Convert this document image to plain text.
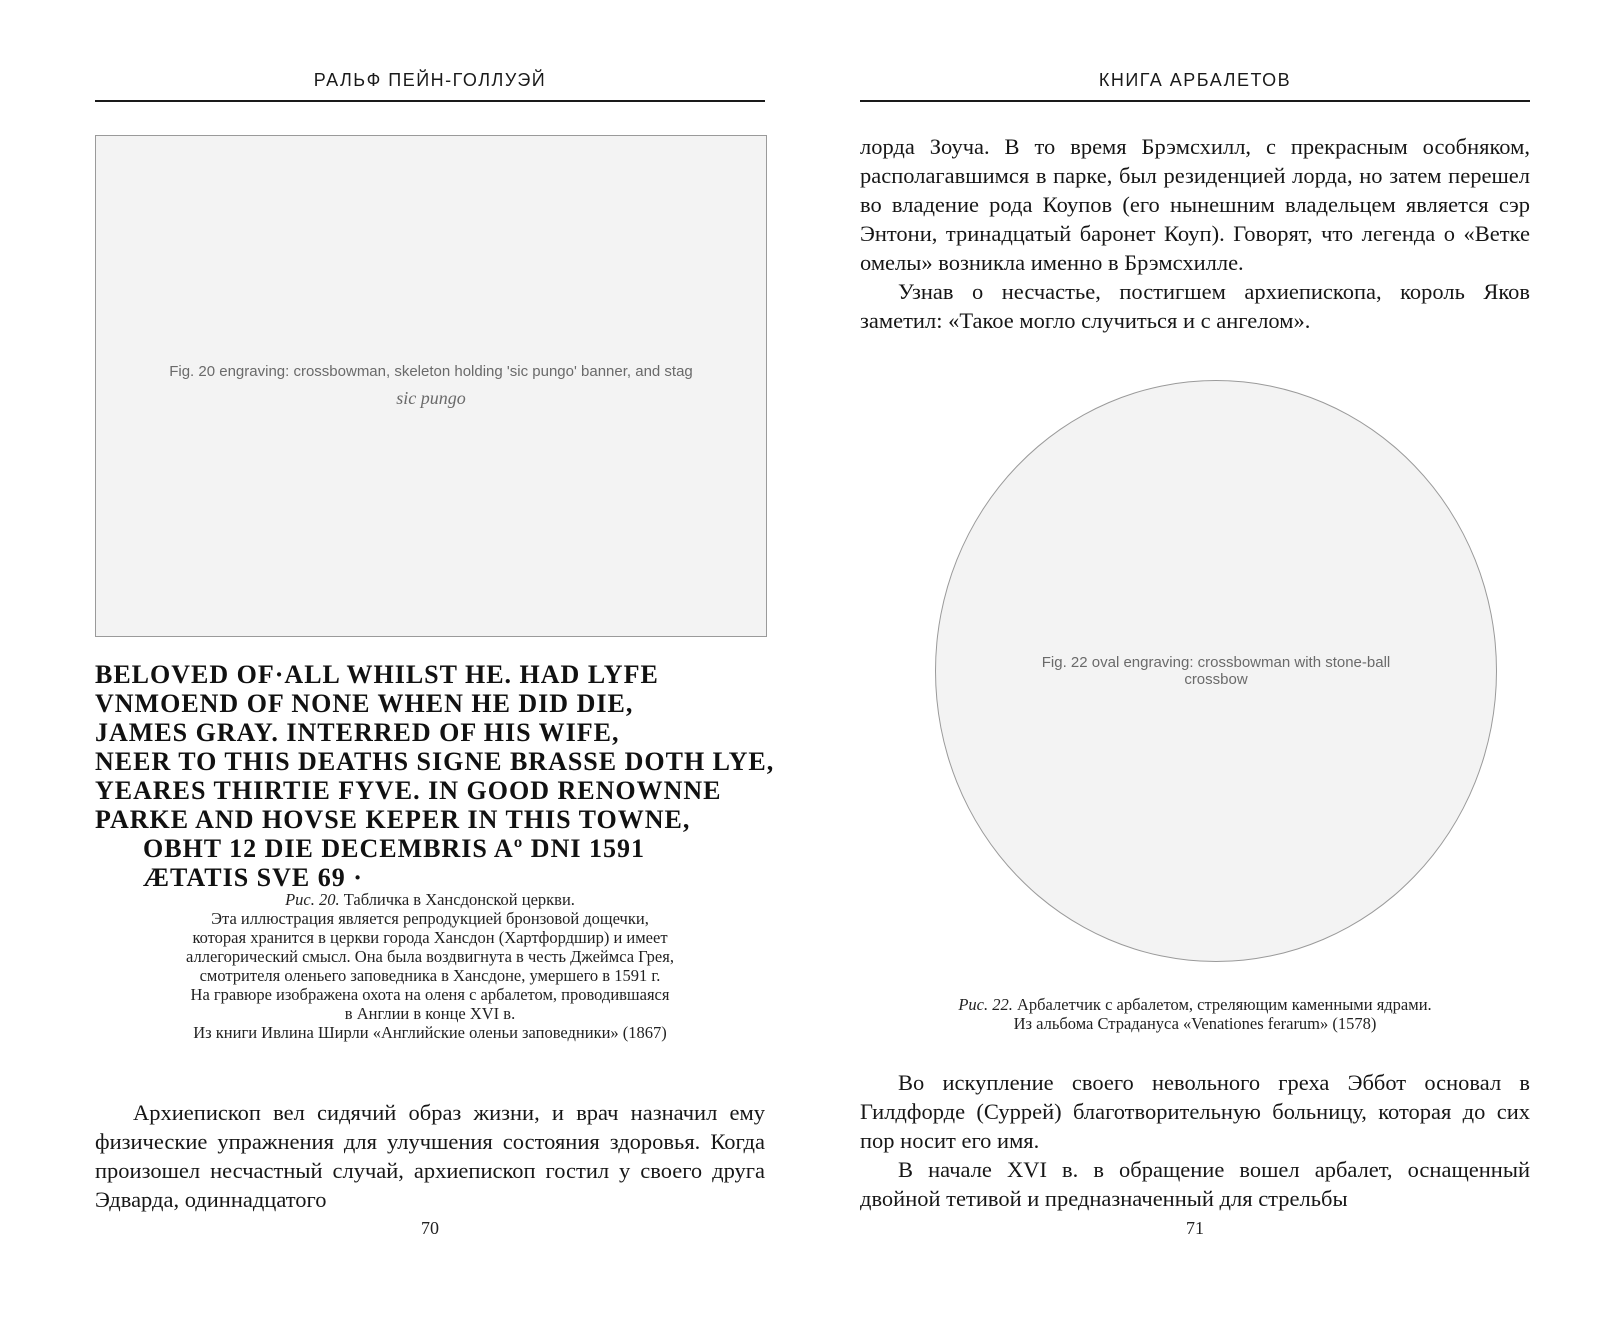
РАЛЬФ ПЕЙН-ГОЛЛУЭЙ
Fig. 20 engraving: crossbowman, skeleton holding 'sic pungo' banner, and stag
sic pungo
BELOVED OF·ALL WHILST HE. HAD LYFE
VNMOEND OF NONE WHEN HE DID DIE,
JAMES GRAY. INTERRED OF HIS WIFE,
NEER TO THIS DEATHS SIGNE BRASSE DOTH LYE,
YEARES THIRTIE FYVE. IN GOOD RENOWNNE
PARKE AND HOVSE KEPER IN THIS TOWNE,
OBHT 12 DIE DECEMBRIS Aº DNI 1591
ÆTATIS SVE 69 ·
Рис. 20. Табличка в Хансдонской церкви.
Эта иллюстрация является репродукцией бронзовой дощечки,
которая хранится в церкви города Хансдон (Хартфордшир) и имеет
аллегорический смысл. Она была воздвигнута в честь Джеймса Грея,
смотрителя оленьего заповедника в Хансдоне, умершего в 1591 г.
На гравюре изображена охота на оленя с арбалетом, проводившаяся
в Англии в конце XVI в.
Из книги Ивлина Ширли «Английские оленьи заповедники» (1867)

Архиепископ вел сидячий образ жизни, и врач назначил ему физические упражнения для улучшения состояния здоровья. Когда произошел несчастный случай, архиепископ гостил у своего друга Эдварда, одиннадцатого

70
КНИГА АРБАЛЕТОВ

лорда Зоуча. В то время Брэмсхилл, с прекрасным особняком, располагавшимся в парке, был резиденцией лорда, но затем перешел во владение рода Коупов (его нынешним владельцем является сэр Энтони, тринадцатый баронет Коуп). Говорят, что легенда о «Ветке омелы» возникла именно в Брэмсхилле.

Узнав о несчастье, постигшем архиепископа, король Яков заметил: «Такое могло случиться и с ангелом».

Fig. 22 oval engraving: crossbowman with stone-ball crossbow
Рис. 22. Арбалетчик с арбалетом, стреляющим каменными ядрами.
Из альбома Страдануса «Venationes ferarum» (1578)

Во искупление своего невольного греха Эббот основал в Гилдфорде (Суррей) благотворительную больницу, которая до сих пор носит его имя.

В начале XVI в. в обращение вошел арбалет, оснащенный двойной тетивой и предназначенный для стрельбы

71
